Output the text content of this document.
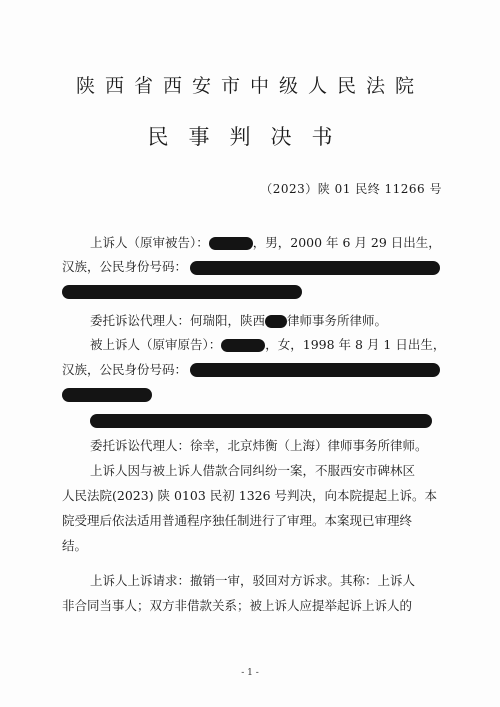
陕西省西安市中级人民法院
民事判决书
（2023）陕 01 民终 11266 号
上诉人（原审被告）：	，男，2000 年 6 月 29 日出生，
汉族，公民身份号码：
委托诉讼代理人：何瑞阳，陕西 律师事务所律师。
被上诉人（原审原告）：	，女，1998 年 8 月 1 日出生，
汉族，公民身份号码：
委托诉讼代理人：徐幸，北京炜衡（上海）律师事务所律师。
上诉人因与被上诉人借款合同纠纷一案，不服西安市碑林区
人民法院(2023) 陕 0103 民初 1326 号判决，向本院提起上诉。本
院受理后依法适用普通程序独任制进行了审理。本案现已审理终
结。
上诉人上诉请求：撤销一审，驳回对方诉求。其称：上诉人
非合同当事人；双方非借款关系；被上诉人应提举起诉上诉人的
- 1 -
